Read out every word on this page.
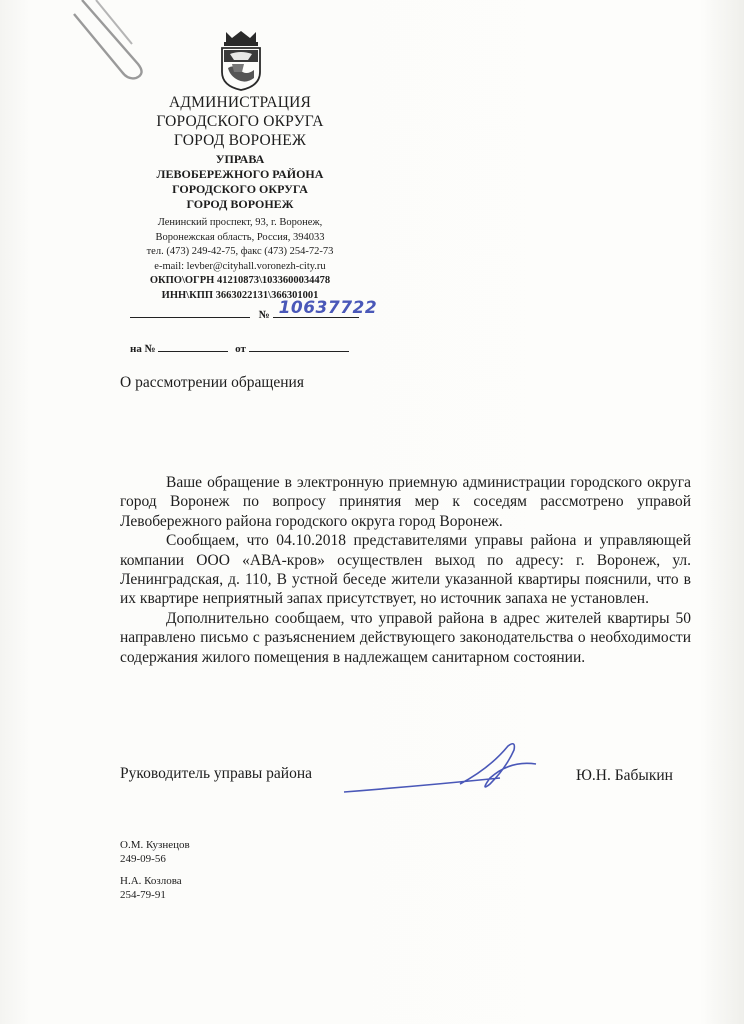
АДМИНИСТРАЦИЯ
ГОРОДСКОГО ОКРУГА
ГОРОД ВОРОНЕЖ
УПРАВА
ЛЕВОБЕРЕЖНОГО РАЙОНА
ГОРОДСКОГО ОКРУГА
ГОРОД ВОРОНЕЖ
Ленинский проспект, 93, г. Воронеж,
Воронежская область, Россия, 394033
тел. (473) 249-42-75, факс (473) 254-72-73
e-mail: levber@cityhall.voronezh-city.ru
ОКПО\ОГРН 41210873\1033600034478
ИНН\КПП 3663022131\366301001
№ 10637722
на №	от
О рассмотрении обращения

Ваше обращение в электронную приемную администрации городского округа город Воронеж по вопросу принятия мер к соседям рассмотрено управой Левобережного района городского округа город Воронеж.

Сообщаем, что 04.10.2018 представителями управы района и управляющей компании ООО «АВА-кров» осуществлен выход по адресу: г. Воронеж, ул. Ленинградская, д. 110, В устной беседе жители указанной квартиры пояснили, что в их квартире неприятный запах присутствует, но источник запаха не установлен.

Дополнительно сообщаем, что управой района в адрес жителей квартиры 50 направлено письмо с разъяснением действующего законодательства о необходимости содержания жилого помещения в надлежащем санитарном состоянии.

Руководитель управы района	Ю.Н. Бабыкин
О.М. Кузнецов
249-09-56
Н.А. Козлова
254-79-91
